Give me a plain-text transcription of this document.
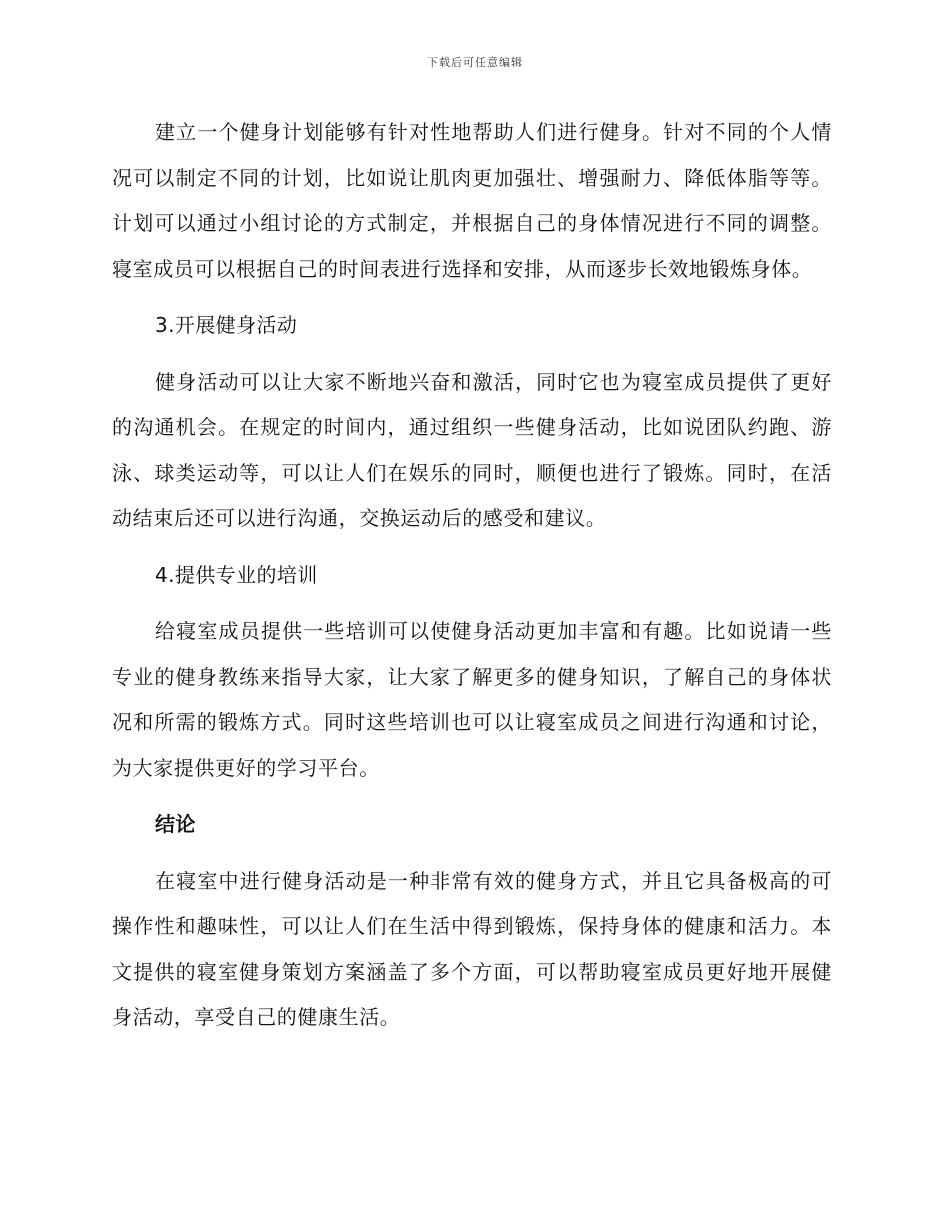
下载后可任意编辑

建立一个健身计划能够有针对性地帮助人们进行健身。针对不同的个人情况可以制定不同的计划，比如说让肌肉更加强壮、增强耐力、降低体脂等等。计划可以通过小组讨论的方式制定，并根据自己的身体情况进行不同的调整。寝室成员可以根据自己的时间表进行选择和安排，从而逐步长效地锻炼身体。

3.开展健身活动

健身活动可以让大家不断地兴奋和激活，同时它也为寝室成员提供了更好的沟通机会。在规定的时间内，通过组织一些健身活动，比如说团队约跑、游泳、球类运动等，可以让人们在娱乐的同时，顺便也进行了锻炼。同时，在活动结束后还可以进行沟通，交换运动后的感受和建议。

4.提供专业的培训

给寝室成员提供一些培训可以使健身活动更加丰富和有趣。比如说请一些专业的健身教练来指导大家，让大家了解更多的健身知识，了解自己的身体状况和所需的锻炼方式。同时这些培训也可以让寝室成员之间进行沟通和讨论，为大家提供更好的学习平台。

结论

在寝室中进行健身活动是一种非常有效的健身方式，并且它具备极高的可操作性和趣味性，可以让人们在生活中得到锻炼，保持身体的健康和活力。本文提供的寝室健身策划方案涵盖了多个方面，可以帮助寝室成员更好地开展健身活动，享受自己的健康生活。
